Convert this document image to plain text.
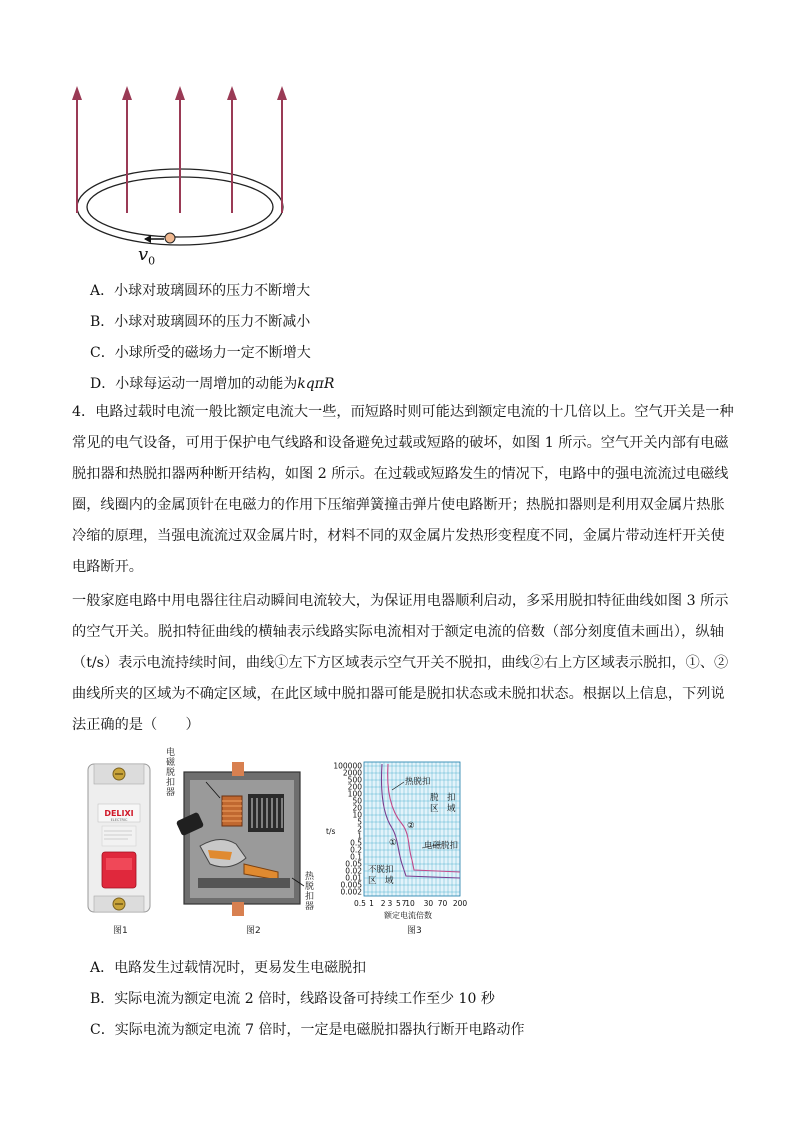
$v_0$
A．小球对玻璃圆环的压力不断增大
B．小球对玻璃圆环的压力不断减小
C．小球所受的磁场力一定不断增大
D．小球每运动一周增加的动能为kqπR
4．电路过载时电流一般比额定电流大一些，而短路时则可能达到额定电流的十几倍以上。空气开关是一种
常见的电气设备，可用于保护电气线路和设备避免过载或短路的破坏，如图 1 所示。空气开关内部有电磁
脱扣器和热脱扣器两种断开结构，如图 2 所示。在过载或短路发生的情况下，电路中的强电流流过电磁线
圈，线圈内的金属顶针在电磁力的作用下压缩弹簧撞击弹片使电路断开；热脱扣器则是利用双金属片热胀
冷缩的原理，当强电流流过双金属片时，材料不同的双金属片发热形变程度不同，金属片带动连杆开关使
电路断开。
一般家庭电路中用电器往往启动瞬间电流较大，为保证用电器顺利启动，多采用脱扣特征曲线如图 3 所示
的空气开关。脱扣特征曲线的横轴表示线路实际电流相对于额定电流的倍数（部分刻度值未画出），纵轴
（t/s）表示电流持续时间，曲线①左下方区域表示空气开关不脱扣，曲线②右上方区域表示脱扣，①、②
曲线所夹的区域为不确定区域，在此区域中脱扣器可能是脱扣状态或未脱扣状态。根据以上信息，下列说
法正确的是（　　）
DELIXI
ELECTRIC
图1
电磁脱扣器
热脱扣器
图2
100000
2000
500
200
100
50
20
10
5
2
1
0.5
0.2
0.1
0.05
0.02
0.01
0.005
0.002
0.5 1 2 3 5 7
10 30 70 200
热脱扣
脱　扣
区　域
电磁脱扣
不脱扣
区　域
①
②
t/s
额定电流倍数
图3
A．电路发生过载情况时，更易发生电磁脱扣
B．实际电流为额定电流 2 倍时，线路设备可持续工作至少 10 秒
C．实际电流为额定电流 7 倍时，一定是电磁脱扣器执行断开电路动作
